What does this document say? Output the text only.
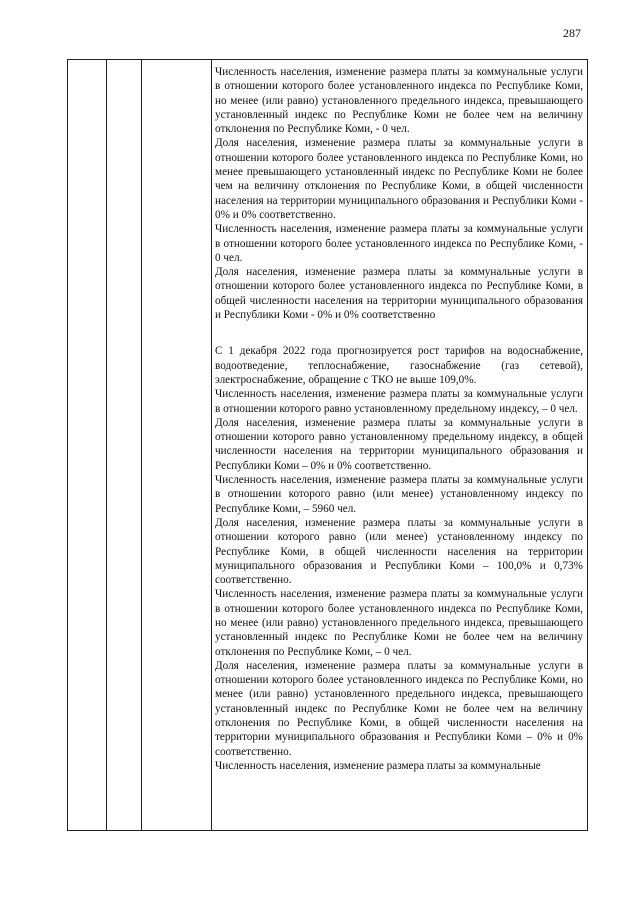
287

Численность населения, изменение размера платы за коммунальные услуги в отношении которого более установленного индекса по Республике Коми, но менее (или равно) установленного предельного индекса, превышающего установленный индекс по Республике Коми не более чем на величину отклонения по Республике Коми, - 0 чел.

Доля населения, изменение размера платы за коммунальные услуги в отношении которого более установленного индекса по Республике Коми, но менее превышающего установленный индекс по Республике Коми не более чем на величину отклонения по Республике Коми, в общей численности населения на территории муниципального образования и Республики Коми - 0% и 0% соответственно.

Численность населения, изменение размера платы за коммунальные услуги в отношении которого более установленного индекса по Республике Коми, - 0 чел.

Доля населения, изменение размера платы за коммунальные услуги в отношении которого более установленного индекса по Республике Коми, в общей численности населения на территории муниципального образования и Республики Коми - 0% и 0% соответственно

С 1 декабря 2022 года прогнозируется рост тарифов на водоснабжение, водоотведение, теплоснабжение, газоснабжение (газ сетевой), электроснабжение, обращение с ТКО не выше 109,0%.

Численность населения, изменение размера платы за коммунальные услуги в отношении которого равно установленному предельному индексу, – 0 чел.

Доля населения, изменение размера платы за коммунальные услуги в отношении которого равно установленному предельному индексу, в общей численности населения на территории муниципального образования и Республики Коми – 0% и 0% соответственно.

Численность населения, изменение размера платы за коммунальные услуги в отношении которого равно (или менее) установленному индексу по Республике Коми, – 5960 чел.

Доля населения, изменение размера платы за коммунальные услуги в отношении которого равно (или менее) установленному индексу по Республике Коми, в общей численности населения на территории муниципального образования и Республики Коми – 100,0% и 0,73% соответственно.

Численность населения, изменение размера платы за коммунальные услуги в отношении которого более установленного индекса по Республике Коми, но менее (или равно) установленного предельного индекса, превышающего установленный индекс по Республике Коми не более чем на величину отклонения по Республике Коми, – 0 чел.

Доля населения, изменение размера платы за коммунальные услуги в отношении которого более установленного индекса по Республике Коми, но менее (или равно) установленного предельного индекса, превышающего установленный индекс по Республике Коми не более чем на величину отклонения по Республике Коми, в общей численности населения на территории муниципального образования и Республики Коми – 0% и 0% соответственно.

Численность населения, изменение размера платы за коммунальные
